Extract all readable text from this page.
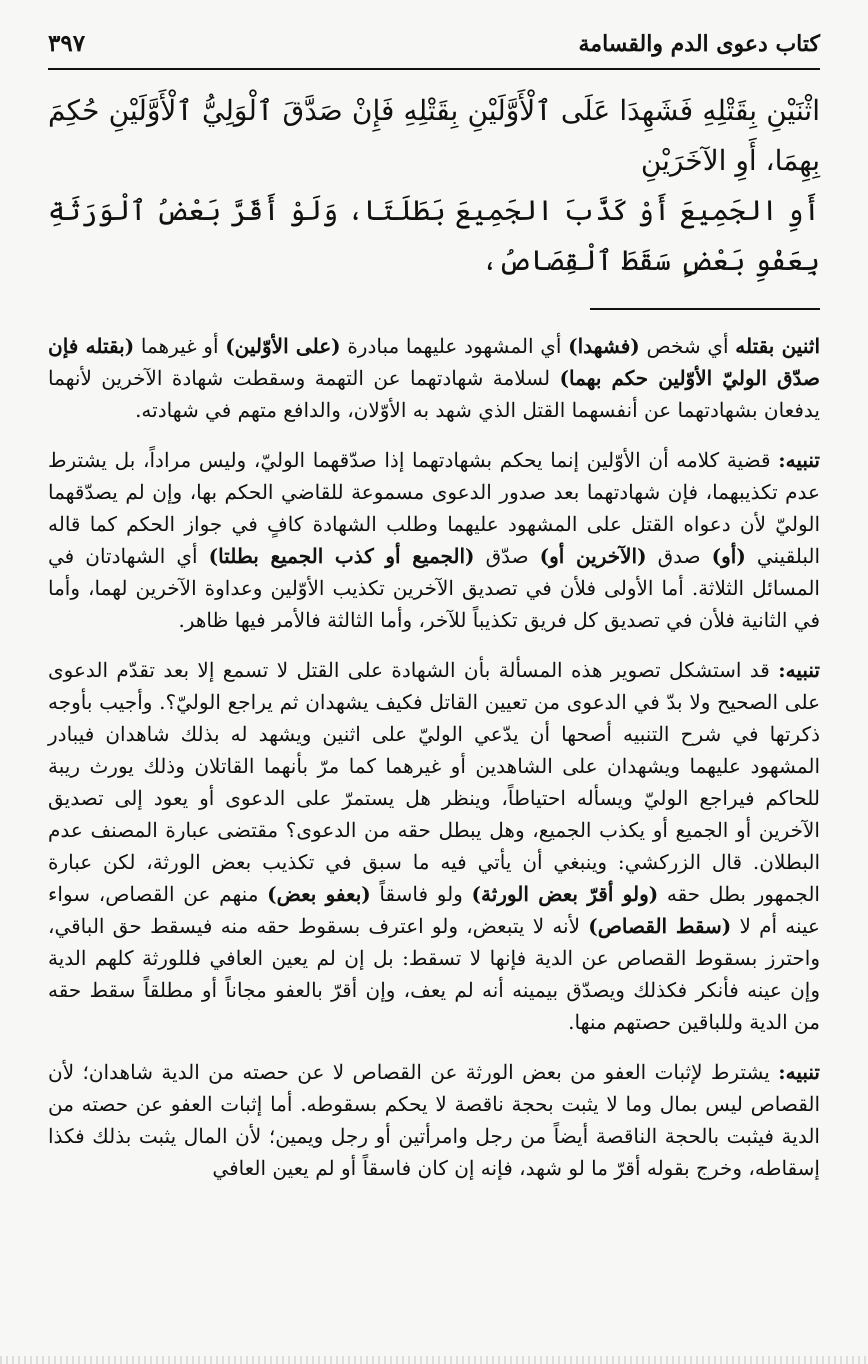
كتاب دعوى الدم والقسامة
٣٩٧

اثْنَيْنِ بِقَتْلِهِ فَشَهِدَا عَلَى ٱلْأَوَّلَيْنِ بِقَتْلِهِ فَإِنْ صَدَّقَ ٱلْوَلِيُّ ٱلْأَوَّلَيْنِ حُكِمَ بِهِمَا، أَوِ الآخَرَيْنِ

أَوِ الجَمِيعَ أَوْ كَذَّبَ الجَمِيعَ بَطَلَتَا، وَلَوْ أَقَرَّ بَعْضُ ٱلْوَرَثَةِ بِعَفْوِ بَعْضٍ سَقَطَ ٱلْقِصَاصُ،

اثنين بقتله أي شخص (فشهدا) أي المشهود عليهما مبادرة (على الأوّلين) أو غيرهما (بقتله فإن صدّق الوليّ الأوّلين حكم بهما) لسلامة شهادتهما عن التهمة وسقطت شهادة الآخرين لأنهما يدفعان بشهادتهما عن أنفسهما القتل الذي شهد به الأوّلان، والدافع متهم في شهادته.

تنبيه: قضية كلامه أن الأوّلين إنما يحكم بشهادتهما إذا صدّقهما الوليّ، وليس مراداً، بل يشترط عدم تكذيبهما، فإن شهادتهما بعد صدور الدعوى مسموعة للقاضي الحكم بها، وإن لم يصدّقهما الوليّ لأن دعواه القتل على المشهود عليهما وطلب الشهادة كافٍ في جواز الحكم كما قاله البلقيني (أو) صدق (الآخرين أو) صدّق (الجميع أو كذب الجميع بطلتا) أي الشهادتان في المسائل الثلاثة. أما الأولى فلأن في تصديق الآخرين تكذيب الأوّلين وعداوة الآخرين لهما، وأما في الثانية فلأن في تصديق كل فريق تكذيباً للآخر، وأما الثالثة فالأمر فيها ظاهر.

تنبيه: قد استشكل تصوير هذه المسألة بأن الشهادة على القتل لا تسمع إلا بعد تقدّم الدعوى على الصحيح ولا بدّ في الدعوى من تعيين القاتل فكيف يشهدان ثم يراجع الوليّ؟. وأجيب بأوجه ذكرتها في شرح التنبيه أصحها أن يدّعي الوليّ على اثنين ويشهد له بذلك شاهدان فيبادر المشهود عليهما ويشهدان على الشاهدين أو غيرهما كما مرّ بأنهما القاتلان وذلك يورث ريبة للحاكم فيراجع الوليّ ويسأله احتياطاً، وينظر هل يستمرّ على الدعوى أو يعود إلى تصديق الآخرين أو الجميع أو يكذب الجميع، وهل يبطل حقه من الدعوى؟ مقتضى عبارة المصنف عدم البطلان. قال الزركشي: وينبغي أن يأتي فيه ما سبق في تكذيب بعض الورثة، لكن عبارة الجمهور بطل حقه (ولو أقرّ بعض الورثة) ولو فاسقاً (بعفو بعض) منهم عن القصاص، سواء عينه أم لا (سقط القصاص) لأنه لا يتبعض، ولو اعترف بسقوط حقه منه فيسقط حق الباقي، واحترز بسقوط القصاص عن الدية فإنها لا تسقط: بل إن لم يعين العافي فللورثة كلهم الدية وإن عينه فأنكر فكذلك ويصدّق بيمينه أنه لم يعف، وإن أقرّ بالعفو مجاناً أو مطلقاً سقط حقه من الدية وللباقين حصتهم منها.

تنبيه: يشترط لإثبات العفو من بعض الورثة عن القصاص لا عن حصته من الدية شاهدان؛ لأن القصاص ليس بمال وما لا يثبت بحجة ناقصة لا يحكم بسقوطه. أما إثبات العفو عن حصته من الدية فيثبت بالحجة الناقصة أيضاً من رجل وامرأتين أو رجل ويمين؛ لأن المال يثبت بذلك فكذا إسقاطه، وخرج بقوله أقرّ ما لو شهد، فإنه إن كان فاسقاً أو لم يعين العافي
